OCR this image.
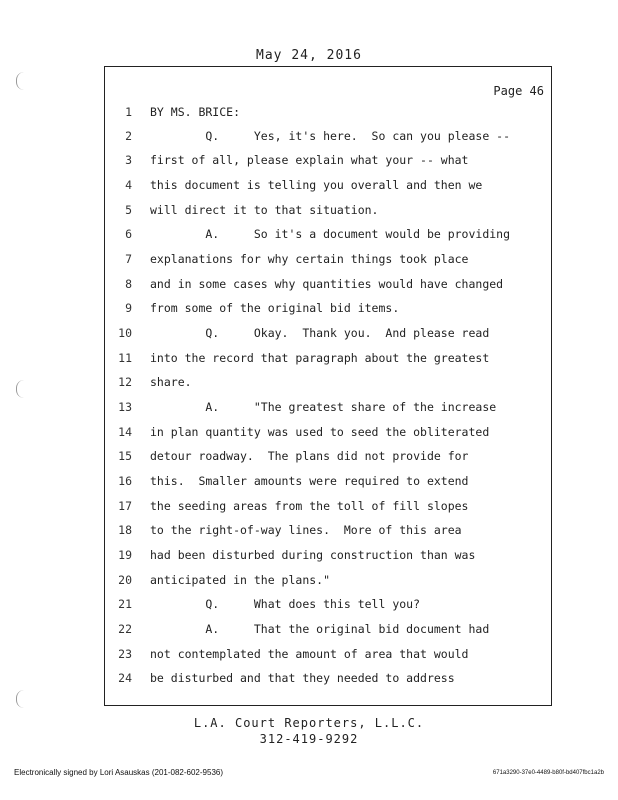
May 24, 2016
Page 46
1 BY MS. BRICE:
2 Q.     Yes, it's here.  So can you please --
3 first of all, please explain what your -- what
4 this document is telling you overall and then we
5 will direct it to that situation.
6 A.     So it's a document would be providing
7 explanations for why certain things took place
8 and in some cases why quantities would have changed
9 from some of the original bid items.
10 Q.     Okay.  Thank you.  And please read
11 into the record that paragraph about the greatest
12 share.
13 A.     "The greatest share of the increase
14 in plan quantity was used to seed the obliterated
15 detour roadway.  The plans did not provide for
16 this.  Smaller amounts were required to extend
17 the seeding areas from the toll of fill slopes
18 to the right-of-way lines.  More of this area
19 had been disturbed during construction than was
20 anticipated in the plans."
21 Q.     What does this tell you?
22 A.     That the original bid document had
23 not contemplated the amount of area that would
24 be disturbed and that they needed to address
L.A. Court Reporters, L.L.C.
312-419-9292
Electronically signed by Lori Asauskas (201-082-602-9536)	671a3290-37e0-4489-b80f-bd407fbc1a2b
